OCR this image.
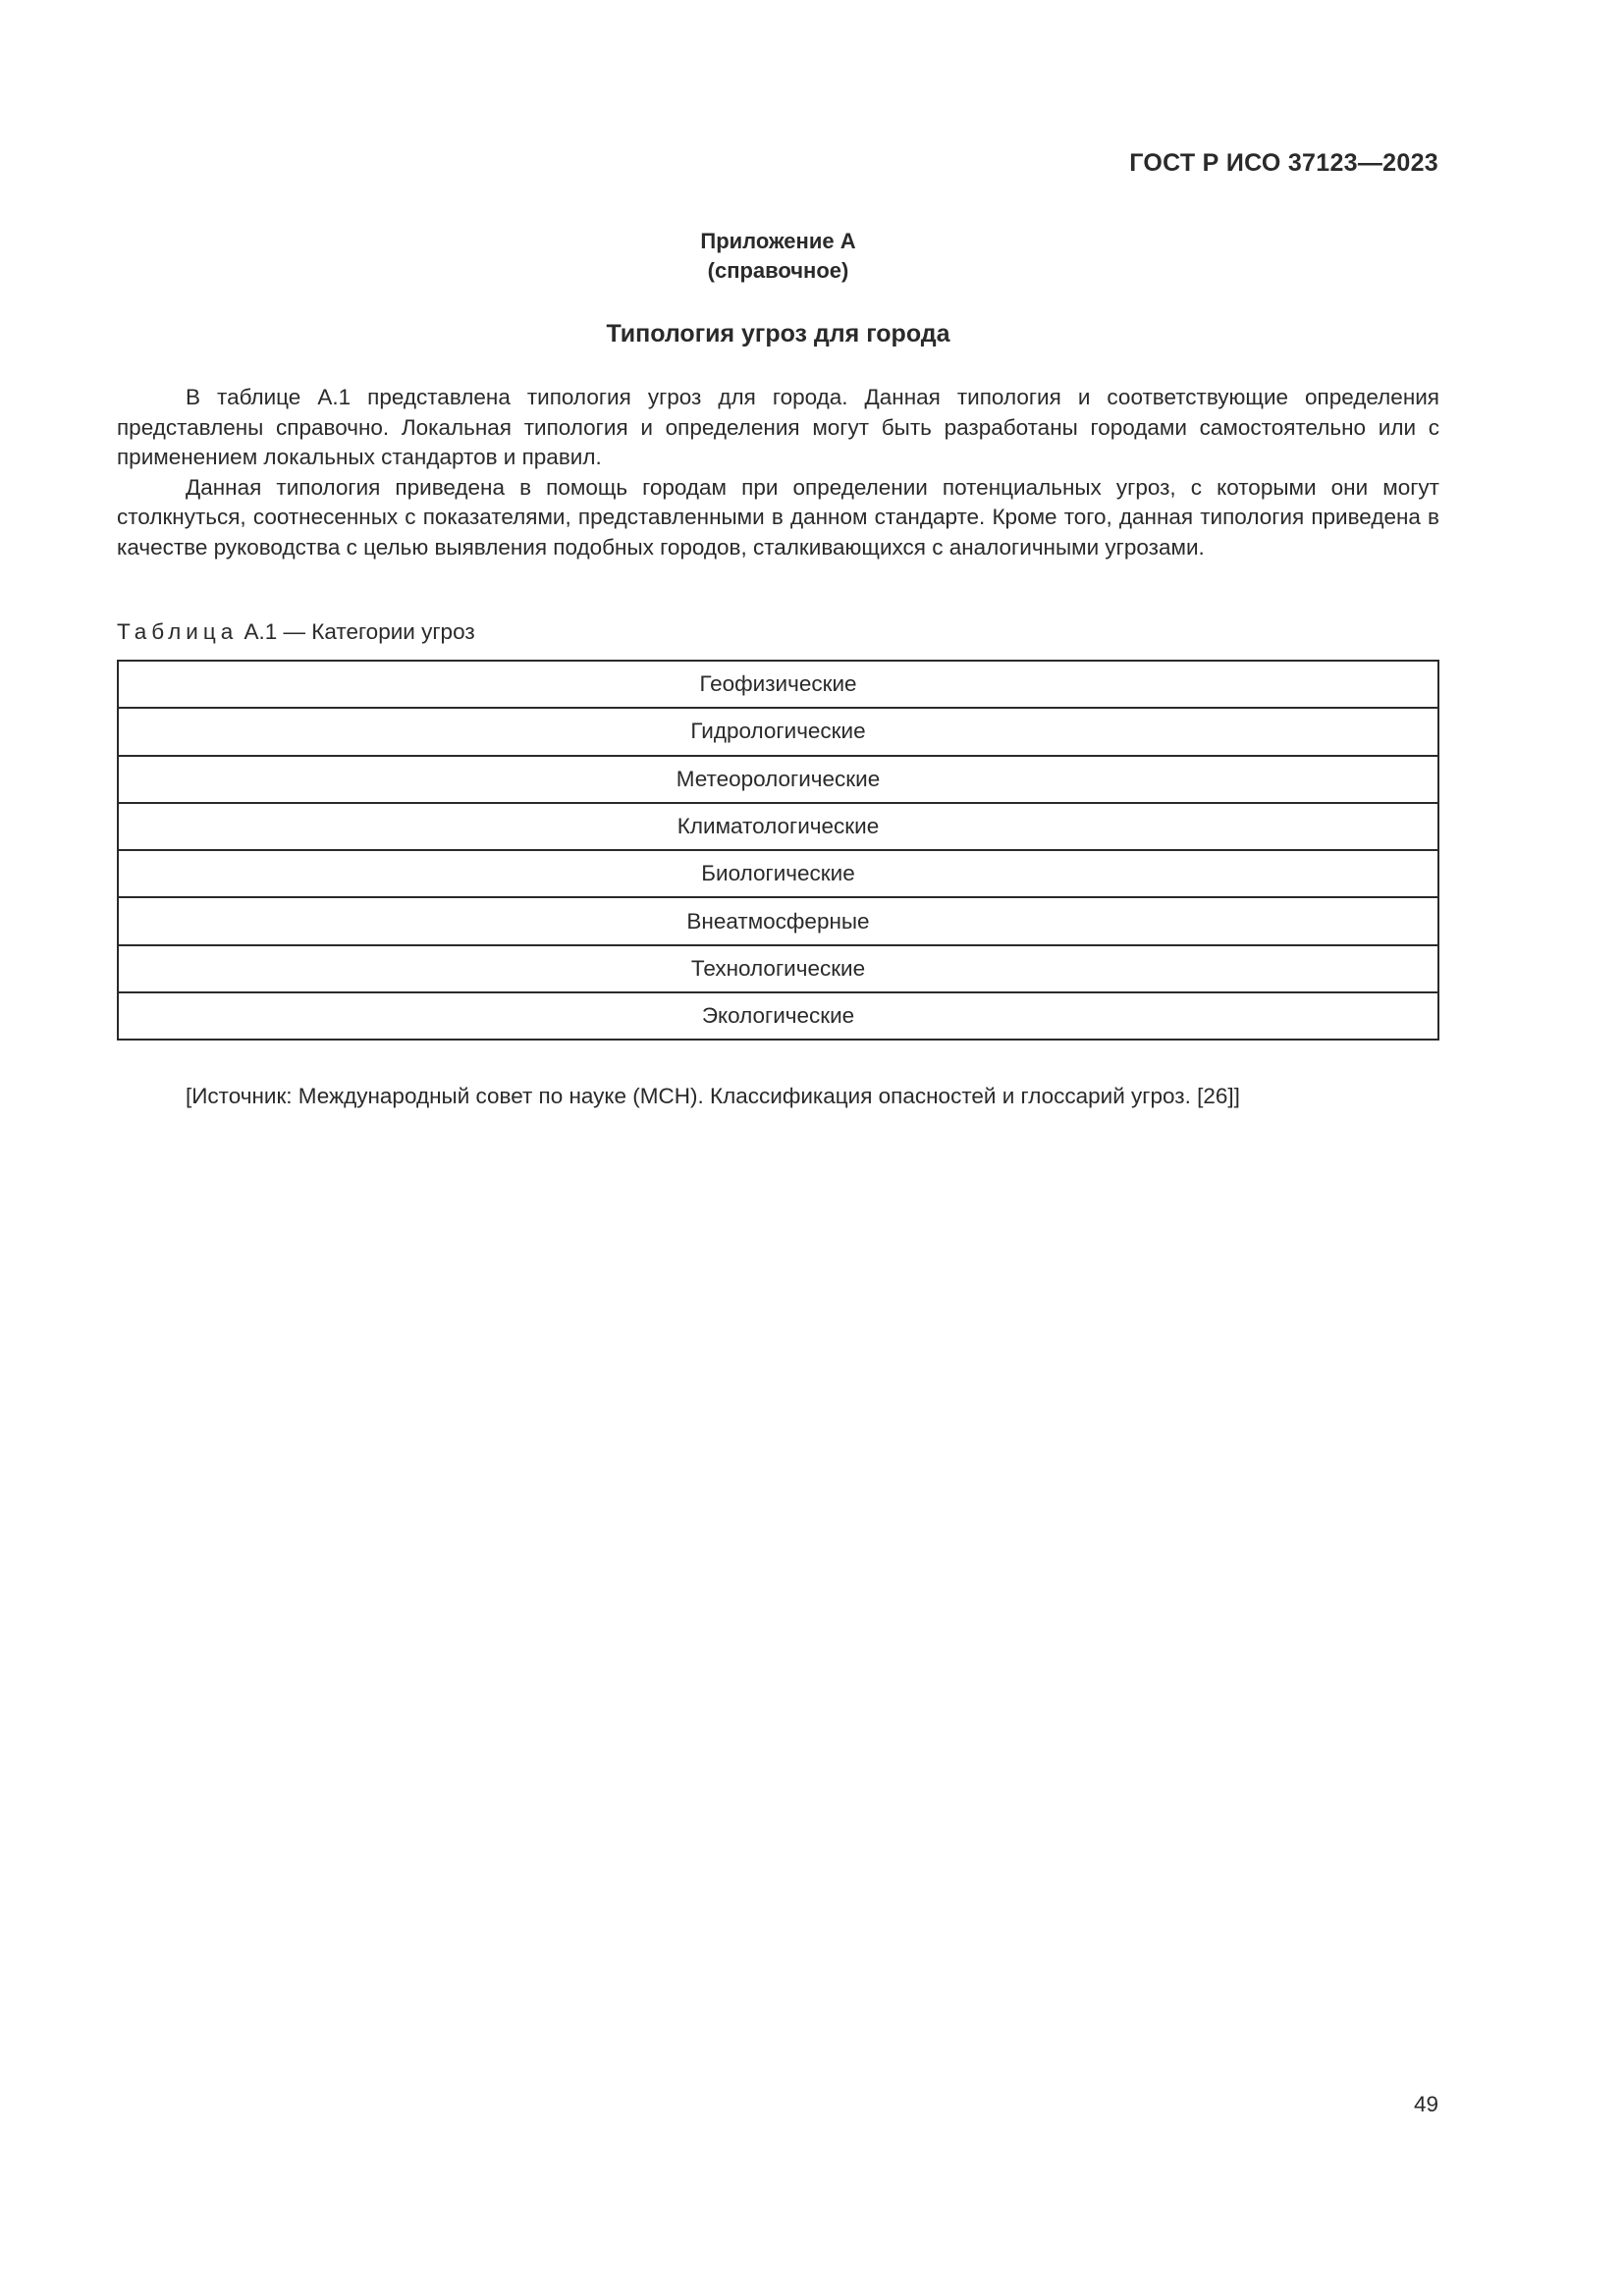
ГОСТ Р ИСО 37123—2023
Приложение А
(справочное)
Типология угроз для города

В таблице А.1 представлена типология угроз для города. Данная типология и соответствующие определения представлены справочно. Локальная типология и определения могут быть разработаны городами самостоятельно или с применением локальных стандартов и правил.

Данная типология приведена в помощь городам при определении потенциальных угроз, с которыми они могут столкнуться, соотнесенных с показателями, представленными в данном стандарте. Кроме того, данная типология приведена в качестве руководства с целью выявления подобных городов, сталкивающихся с аналогичными угрозами.

Таблица А.1 — Категории угроз
Геофизические
Гидрологические
Метеорологические
Климатологические
Биологические
Внеатмосферные
Технологические
Экологические
[Источник: Международный совет по науке (МСН). Классификация опасностей и глоссарий угроз. [26]]
49
